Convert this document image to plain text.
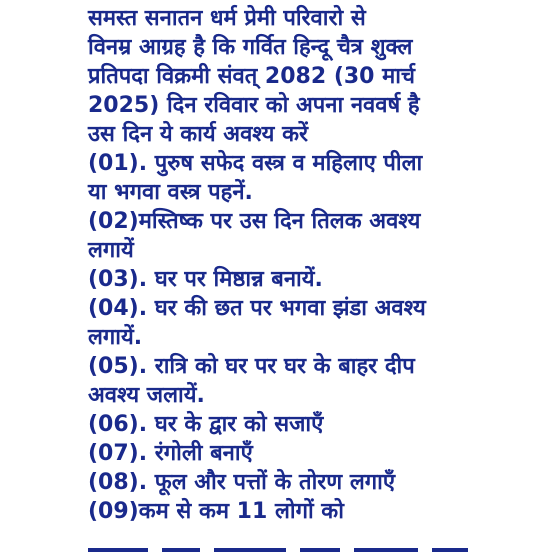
समस्त सनातन धर्म प्रेमी परिवारो से
विनम्र आग्रह है कि गर्वित हिन्दू चैत्र शुक्ल
प्रतिपदा विक्रमी संवत् 2082 (30 मार्च
2025) दिन रविवार को अपना नववर्ष है
उस दिन ये कार्य अवश्य करें
(01). पुरुष सफेद वस्त्र व महिलाए पीला
या भगवा वस्त्र पहनें.
(02)मस्तिष्क पर उस दिन तिलक अवश्य
लगायें
(03). घर पर मिष्ठान्न बनायें.
(04). घर की छत पर भगवा झंडा अवश्य
लगायें.
(05). रात्रि को घर पर घर के बाहर दीप
अवश्य जलायें.
(06). घर के द्वार को सजाएँ
(07). रंगोली बनाएँ
(08). फूल और पत्तों के तोरण लगाएँ
(09)कम से कम 11 लोगों को
